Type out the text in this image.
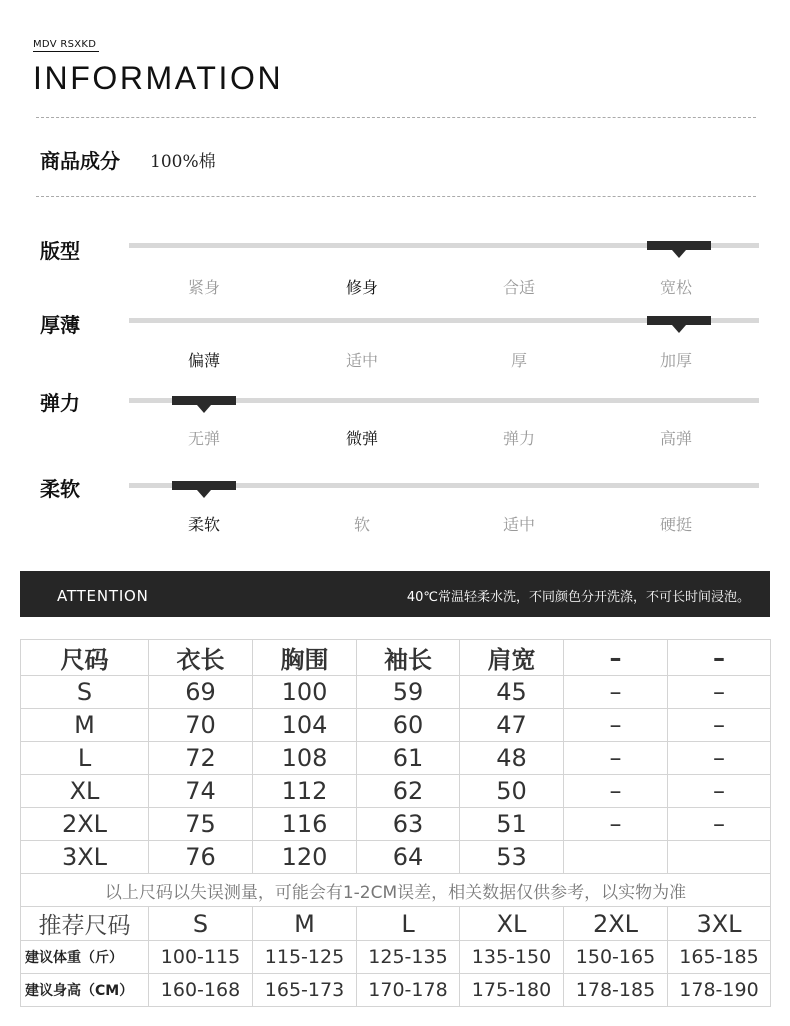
MDV RSXKD
INFORMATION
商品成分 100%棉
版型
紧身	修身	合适	宽松
厚薄
偏薄	适中	厚	加厚
弹力
无弹	微弹	弹力	高弹
柔软
柔软	软	适中	硬挺
ATTENTION	40℃常温轻柔水洗，不同颜色分开洗涤，不可长时间浸泡。
尺码	衣长	胸围	袖长	肩宽	–	–
S	69	100	59	45	–	–
M	70	104	60	47	–	–
L	72	108	61	48	–	–
XL	74	112	62	50	–	–
2XL	75	116	63	51	–	–
3XL	76	120	64	53		
以上尺码以失误测量，可能会有1-2CM误差，相关数据仅供参考，以实物为准						
推荐尺码	S	M	L	XL	2XL	3XL
建议体重（斤）	100-115	115-125	125-135	135-150	150-165	165-185
建议身高（CM）	160-168	165-173	170-178	175-180	178-185	178-190
